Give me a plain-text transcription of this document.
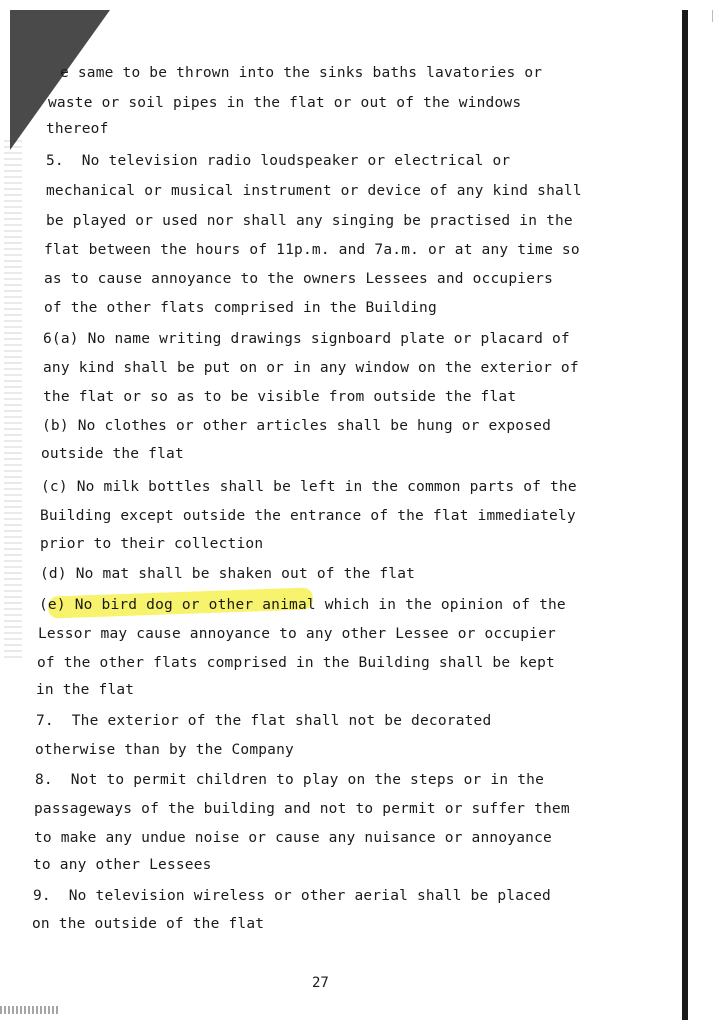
e same to be thrown into the sinks baths lavatories or
waste or soil pipes in the flat or out of the windows
thereof
5.  No television radio loudspeaker or electrical or
mechanical or musical instrument or device of any kind shall
be played or used nor shall any singing be practised in the
flat between the hours of 11p.m. and 7a.m. or at any time so
as to cause annoyance to the owners Lessees and occupiers
of the other flats comprised in the Building
6(a) No name writing drawings signboard plate or placard of
any kind shall be put on or in any window on the exterior of
the flat or so as to be visible from outside the flat
(b) No clothes or other articles shall be hung or exposed
outside the flat
(c) No milk bottles shall be left in the common parts of the
Building except outside the entrance of the flat immediately
prior to their collection
(d) No mat shall be shaken out of the flat
(e) No bird dog or other animal which in the opinion of the
Lessor may cause annoyance to any other Lessee or occupier
of the other flats comprised in the Building shall be kept
in the flat
7.  The exterior of the flat shall not be decorated
otherwise than by the Company
8.  Not to permit children to play on the steps or in the
passageways of the building and not to permit or suffer them
to make any undue noise or cause any nuisance or annoyance
to any other Lessees
9.  No television wireless or other aerial shall be placed
on the outside of the flat
27
